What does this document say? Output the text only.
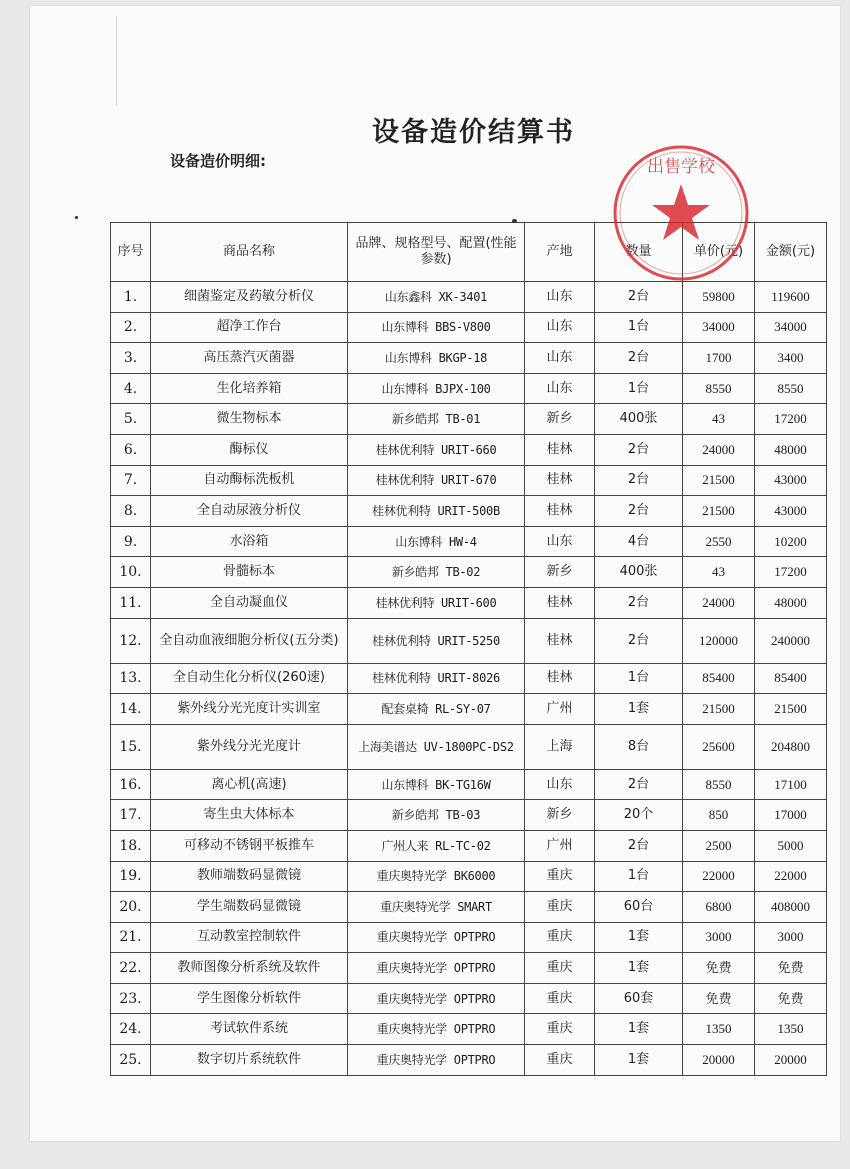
设备造价结算书
设备造价明细:
序号	商品名称	品牌、规格型号、配置(性能参数)	产地	数量	单价(元)	金额(元)
1.	细菌鉴定及药敏分析仪	山东鑫科 XK-3401	山东	2台	59800	119600
2.	超净工作台	山东博科 BBS-V800	山东	1台	34000	34000
3.	高压蒸汽灭菌器	山东博科 BKGP-18	山东	2台	1700	3400
4.	生化培养箱	山东博科 BJPX-100	山东	1台	8550	8550
5.	微生物标本	新乡皓邦 TB-01	新乡	400张	43	17200
6.	酶标仪	桂林优利特 URIT-660	桂林	2台	24000	48000
7.	自动酶标洗板机	桂林优利特 URIT-670	桂林	2台	21500	43000
8.	全自动尿液分析仪	桂林优利特 URIT-500B	桂林	2台	21500	43000
9.	水浴箱	山东博科 HW-4	山东	4台	2550	10200
10.	骨髓标本	新乡皓邦 TB-02	新乡	400张	43	17200
11.	全自动凝血仪	桂林优利特 URIT-600	桂林	2台	24000	48000
12.	全自动血液细胞分析仪(五分类)	桂林优利特 URIT-5250	桂林	2台	120000	240000
13.	全自动生化分析仪(260速)	桂林优利特 URIT-8026	桂林	1台	85400	85400
14.	紫外线分光光度计实训室	配套桌椅 RL-SY-07	广州	1套	21500	21500
15.	紫外线分光光度计	上海美谱达 UV-1800PC-DS2	上海	8台	25600	204800
16.	离心机(高速)	山东博科 BK-TG16W	山东	2台	8550	17100
17.	寄生虫大体标本	新乡皓邦 TB-03	新乡	20个	850	17000
18.	可移动不锈钢平板推车	广州人来 RL-TC-02	广州	2台	2500	5000
19.	教师端数码显微镜	重庆奥特光学 BK6000	重庆	1台	22000	22000
20.	学生端数码显微镜	重庆奥特光学 SMART	重庆	60台	6800	408000
21.	互动教室控制软件	重庆奥特光学 OPTPRO	重庆	1套	3000	3000
22.	教师图像分析系统及软件	重庆奥特光学 OPTPRO	重庆	1套	免费	免费
23.	学生图像分析软件	重庆奥特光学 OPTPRO	重庆	60套	免费	免费
24.	考试软件系统	重庆奥特光学 OPTPRO	重庆	1套	1350	1350
25.	数字切片系统软件	重庆奥特光学 OPTPRO	重庆	1套	20000	20000
出售学校
